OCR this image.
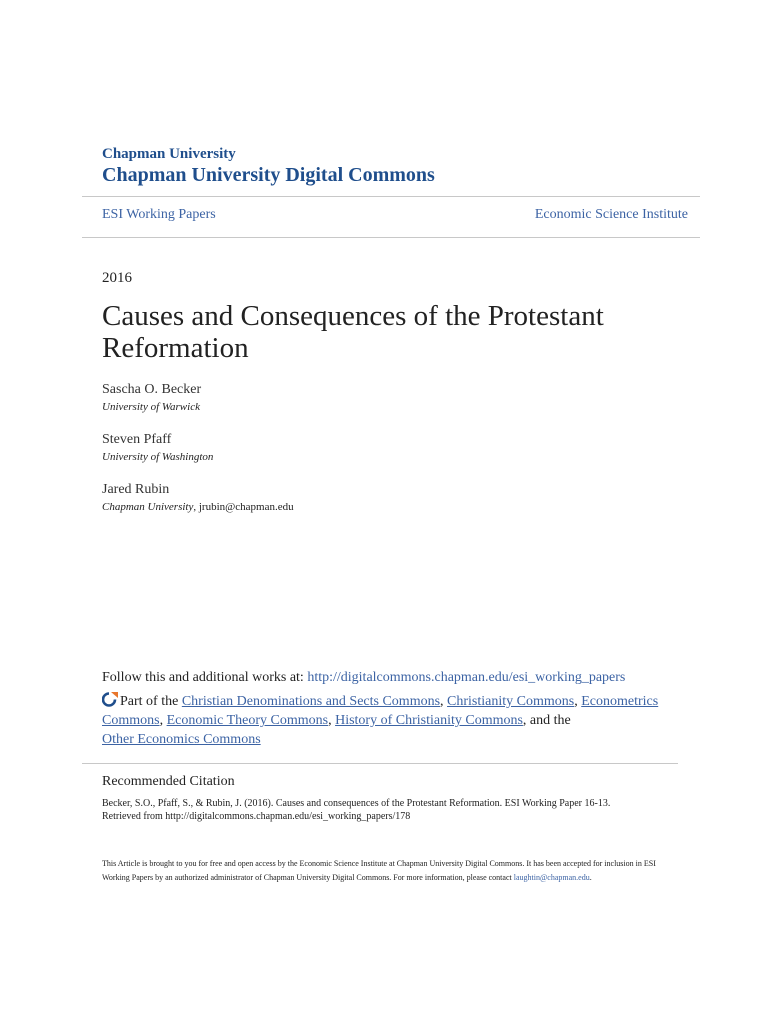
Chapman University
Chapman University Digital Commons
ESI Working Papers	Economic Science Institute
2016
Causes and Consequences of the Protestant Reformation
Sascha O. Becker
University of Warwick
Steven Pfaff
University of Washington
Jared Rubin
Chapman University, jrubin@chapman.edu
Follow this and additional works at: http://digitalcommons.chapman.edu/esi_working_papers
Part of the Christian Denominations and Sects Commons, Christianity Commons, Econometrics Commons, Economic Theory Commons, History of Christianity Commons, and the
Other Economics Commons
Recommended Citation
Becker, S.O., Pfaff, S., & Rubin, J. (2016). Causes and consequences of the Protestant Reformation. ESI Working Paper 16-13.
Retrieved from http://digitalcommons.chapman.edu/esi_working_papers/178
This Article is brought to you for free and open access by the Economic Science Institute at Chapman University Digital Commons. It has been accepted for inclusion in ESI Working Papers by an authorized administrator of Chapman University Digital Commons. For more information, please contact laughtin@chapman.edu.
